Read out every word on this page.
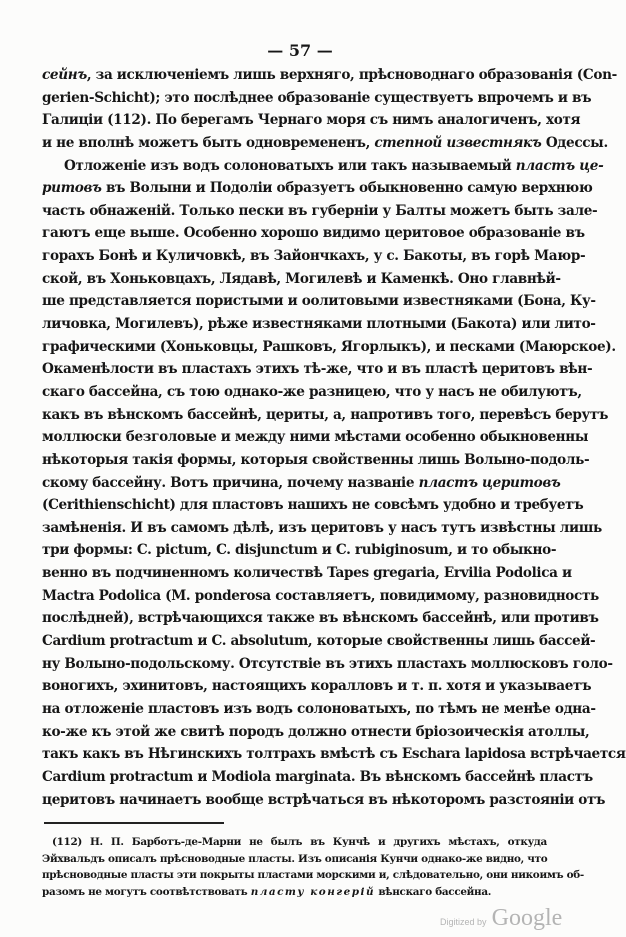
— 57 —
сейнъ, за исключеніемъ лишь верхняго, прѣсноводнаго образованія (Con-
gerien-Schicht); это послѣднее образованіе существуетъ впрочемъ и въ
Галиціи (112). По берегамъ Чернаго моря съ нимъ аналогиченъ, хотя
и не вполнѣ можетъ быть одновремененъ, степной известнякъ Одессы.
Отложеніе изъ водъ солоноватыхъ или такъ называемый пластъ це-
ритовъ въ Волыни и Подоліи образуетъ обыкновенно самую верхнюю
часть обнаженій. Только пески въ губерніи у Балты можетъ быть зале-
гаютъ еще выше. Особенно хорошо видимо церитовое образованіе въ
горахъ Бонѣ и Куличовкѣ, въ Зайончкахъ, у с. Бакоты, въ горѣ Маюр-
ской, въ Хоньковцахъ, Лядавѣ, Могилевѣ и Каменкѣ. Оно главнѣй-
ше представляется пористыми и оолитовыми известняками (Бона, Ку-
личовка, Могилевъ), рѣже известняками плотными (Бакота) или лито-
графическими (Хоньковцы, Рашковъ, Ягорлыкъ), и песками (Маюрское).
Окаменѣлости въ пластахъ этихъ тѣ-же, что и въ пластѣ церитовъ вѣн-
скаго бассейна, съ тою однако-же разницею, что у насъ не обилуютъ,
какъ въ вѣнскомъ бассейнѣ, цериты, а, напротивъ того, перевѣсъ берутъ
моллюски безголовые и между ними мѣстами особенно обыкновенны
нѣкоторыя такія формы, которыя свойственны лишь Волыно-подоль-
скому бассейну. Вотъ причина, почему названіе пластъ церитовъ
(Cerithienschicht) для пластовъ нашихъ не совсѣмъ удобно и требуетъ
замѣненія. И въ самомъ дѣлѣ, изъ церитовъ у насъ тутъ извѣстны лишь
три формы: C. pictum, C. disjunctum и C. rubiginosum, и то обыкно-
венно въ подчиненномъ количествѣ Tapes gregaria, Ervilia Podolica и
Mactra Podolica (M. ponderosa составляетъ, повидимому, разновидность
послѣдней), встрѣчающихся также въ вѣнскомъ бассейнѣ, или противъ
Cardium protractum и C. absolutum, которые свойственны лишь бассей-
ну Волыно-подольскому. Отсутствіе въ этихъ пластахъ моллюсковъ голо-
воногихъ, эхинитовъ, настоящихъ коралловъ и т. п. хотя и указываетъ
на отложеніе пластовъ изъ водъ солоноватыхъ, по тѣмъ не менѣе одна-
ко-же къ этой же свитѣ породъ должно отнести бріозоическія атоллы,
такъ какъ въ Нѣгинскихъ толтрахъ вмѣстѣ съ Eschara lapidosa встрѣчается
Cardium protractum и Modiola marginata. Въ вѣнскомъ бассейнѣ пластъ
церитовъ начинаетъ вообще встрѣчаться въ нѣкоторомъ разстояніи отъ
(112) Н. П. Барботъ-де-Марни не былъ въ Кунчѣ и другихъ мѣстахъ, откуда
Эйхвальдъ описалъ прѣсноводные пласты. Изъ описанія Кунчи однако-же видно, что
прѣсноводные пласты эти покрыты пластами морскими и, слѣдовательно, они никоимъ об-
разомъ не могутъ соотвѣтствовать пласту конгерій вѣнскаго бассейна.
Digitized by Google
